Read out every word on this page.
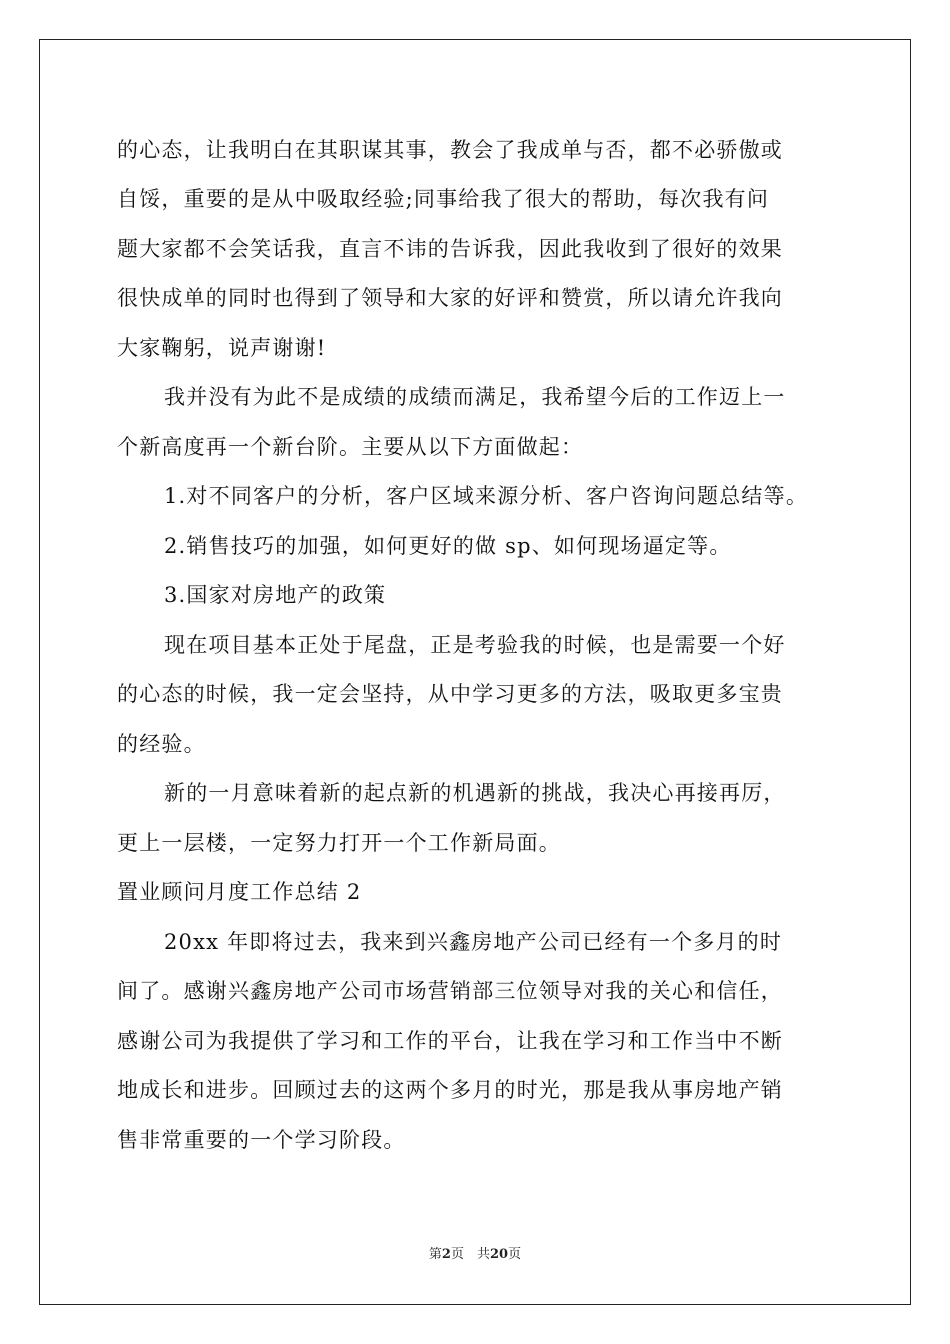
的心态，让我明白在其职谋其事，教会了我成单与否，都不必骄傲或
自馁，重要的是从中吸取经验;同事给我了很大的帮助，每次我有问
题大家都不会笑话我，直言不讳的告诉我，因此我收到了很好的效果
很快成单的同时也得到了领导和大家的好评和赞赏，所以请允许我向
大家鞠躬，说声谢谢!
我并没有为此不是成绩的成绩而满足，我希望今后的工作迈上一
个新高度再一个新台阶。主要从以下方面做起：
1.对不同客户的分析，客户区域来源分析、客户咨询问题总结等。
2.销售技巧的加强，如何更好的做 sp、如何现场逼定等。
3.国家对房地产的政策
现在项目基本正处于尾盘，正是考验我的时候，也是需要一个好
的心态的时候，我一定会坚持，从中学习更多的方法，吸取更多宝贵
的经验。
新的一月意味着新的起点新的机遇新的挑战，我决心再接再厉，
更上一层楼，一定努力打开一个工作新局面。
置业顾问月度工作总结 2
20xx 年即将过去，我来到兴鑫房地产公司已经有一个多月的时
间了。感谢兴鑫房地产公司市场营销部三位领导对我的关心和信任，
感谢公司为我提供了学习和工作的平台，让我在学习和工作当中不断
地成长和进步。回顾过去的这两个多月的时光，那是我从事房地产销
售非常重要的一个学习阶段。
第2页　共20页
